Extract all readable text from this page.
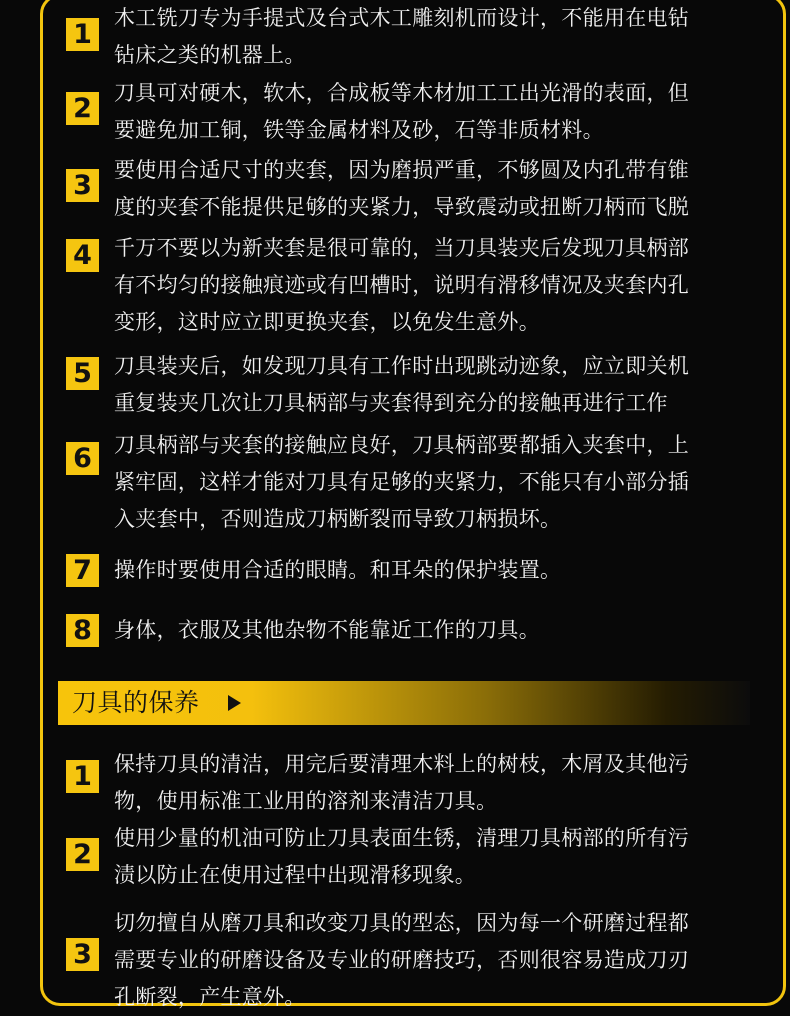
1
木工铣刀专为手提式及台式木工雕刻机而设计，不能用在电钻
钻床之类的机器上。
2	刀具可对硬木，软木，合成板等木材加工工出光滑的表面，但
要避免加工铜，铁等金属材料及砂，石等非质材料。
3	要使用合适尺寸的夹套，因为磨损严重，不够圆及内孔带有锥
度的夹套不能提供足够的夹紧力，导致震动或扭断刀柄而飞脱
4	千万不要以为新夹套是很可靠的，当刀具装夹后发现刀具柄部
有不均匀的接触痕迹或有凹槽时，说明有滑移情况及夹套内孔
变形，这时应立即更换夹套，以免发生意外。
5	刀具装夹后，如发现刀具有工作时出现跳动迹象，应立即关机
重复装夹几次让刀具柄部与夹套得到充分的接触再进行工作
6	刀具柄部与夹套的接触应良好，刀具柄部要都插入夹套中，上
紧牢固，这样才能对刀具有足够的夹紧力，不能只有小部分插
入夹套中，否则造成刀柄断裂而导致刀柄损坏。
7	操作时要使用合适的眼睛。和耳朵的保护装置。
8	身体，衣服及其他杂物不能靠近工作的刀具。
刀具的保养
1	保持刀具的清洁，用完后要清理木料上的树枝，木屑及其他污
物，使用标准工业用的溶剂来清洁刀具。
2
使用少量的机油可防止刀具表面生锈，清理刀具柄部的所有污
渍以防止在使用过程中出现滑移现象。
3
切勿擅自从磨刀具和改变刀具的型态，因为每一个研磨过程都
需要专业的研磨设备及专业的研磨技巧，否则很容易造成刀刃
孔断裂，产生意外。
